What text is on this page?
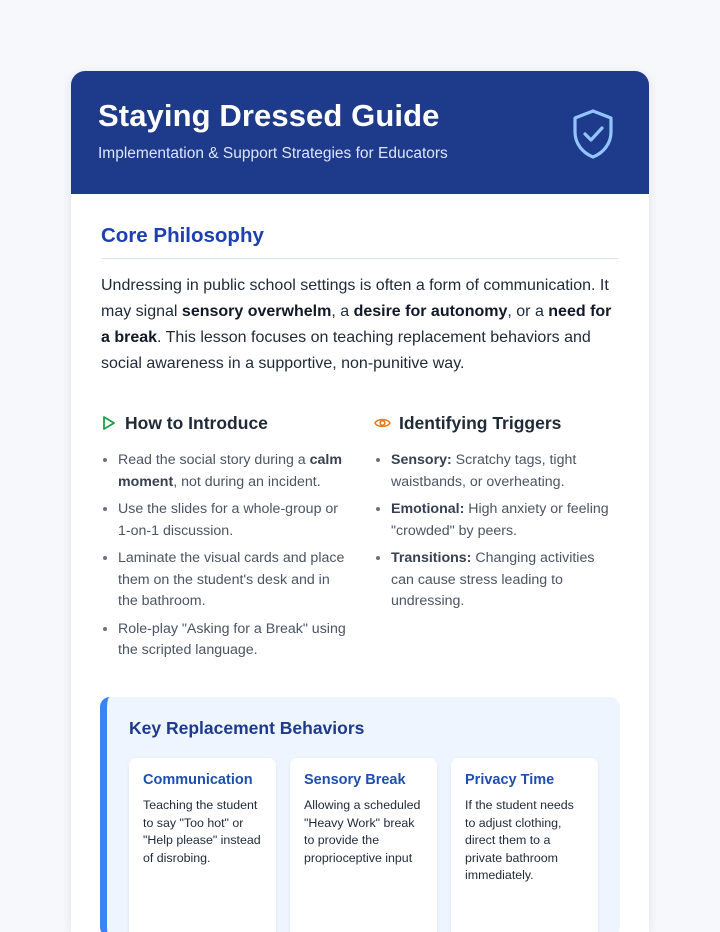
Staying Dressed Guide
Implementation & Support Strategies for Educators
Core Philosophy

Undressing in public school settings is often a form of communication. It may signal sensory overwhelm, a desire for autonomy, or a need for a break. This lesson focuses on teaching replacement behaviors and social awareness in a supportive, non-punitive way.

How to Introduce
• Read the social story during a calm moment, not during an incident.
• Use the slides for a whole-group or 1-on-1 discussion.
• Laminate the visual cards and place them on the student's desk and in the bathroom.
• Role-play "Asking for a Break" using the scripted language.
Identifying Triggers
• Sensory: Scratchy tags, tight waistbands, or overheating.
• Emotional: High anxiety or feeling "crowded" by peers.
• Transitions: Changing activities can cause stress leading to undressing.
Key Replacement Behaviors
Communication
Teaching the student to say "Too hot" or "Help please" instead of disrobing.
Sensory Break
Allowing a scheduled "Heavy Work" break to provide the proprioceptive input
Privacy Time
If the student needs to adjust clothing, direct them to a private bathroom immediately.
